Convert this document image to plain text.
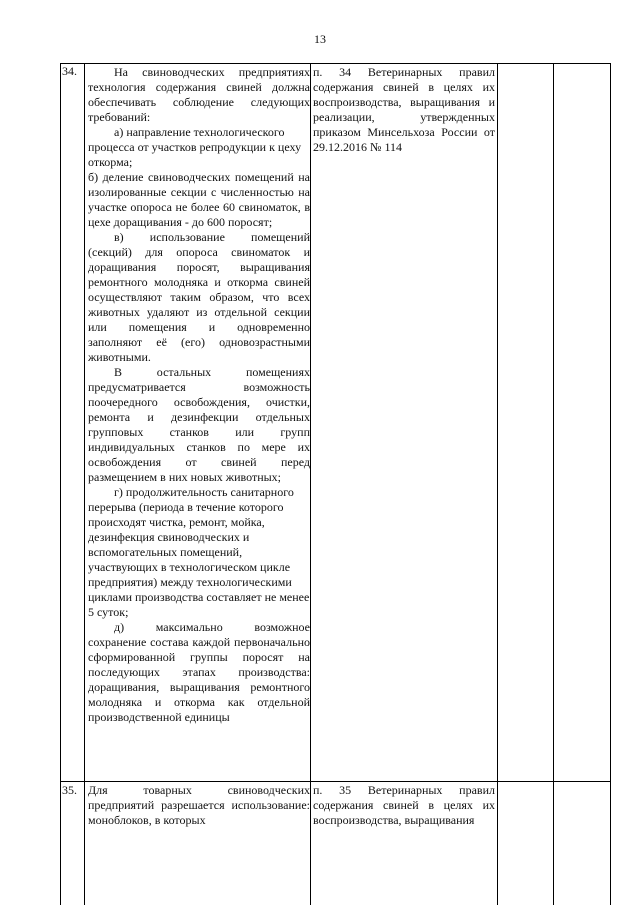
13
34.	На свиноводческих предприятиях технология содержания свиней должна обеспечивать соблюдение следующих требований:

а) направление технологического процесса от участков репродукции к цеху откорма;

б) деление свиноводческих помещений на изолированные секции с численностью на участке опороса не более 60 свиноматок, в цехе доращивания - до 600 поросят;

в) использование помещений (секций) для опороса свиноматок и доращивания поросят, выращивания ремонтного молодняка и откорма свиней осуществляют таким образом, что всех животных удаляют из отдельной секции или помещения и одновременно заполняют её (его) одновозрастными животными.

В остальных помещениях предусматривается возможность поочередного освобождения, очистки, ремонта и дезинфекции отдельных групповых станков или групп индивидуальных станков по мере их освобождения от свиней перед размещением в них новых животных;

г) продолжительность санитарного перерыва (периода в течение которого происходят чистка, ремонт, мойка, дезинфекция свиноводческих и вспомогательных помещений, участвующих в технологическом цикле предприятия) между технологическими циклами производства составляет не менее 5 суток;

д) максимально возможное сохранение состава каждой первоначально сформированной группы поросят на последующих этапах производства: доращивания, выращивания ремонтного молодняка и откорма как отдельной производственной единицы

п. 34 Ветеринарных правил содержания свиней в целях их воспроизводства, выращивания и реализации, утвержденных приказом Минсельхоза России от 29.12.2016 № 114
35. Для товарных свиноводческих предприятий разрешается использование: моноблоков, в которых

п. 35 Ветеринарных правил содержания свиней в целях их воспроизводства, выращивания
